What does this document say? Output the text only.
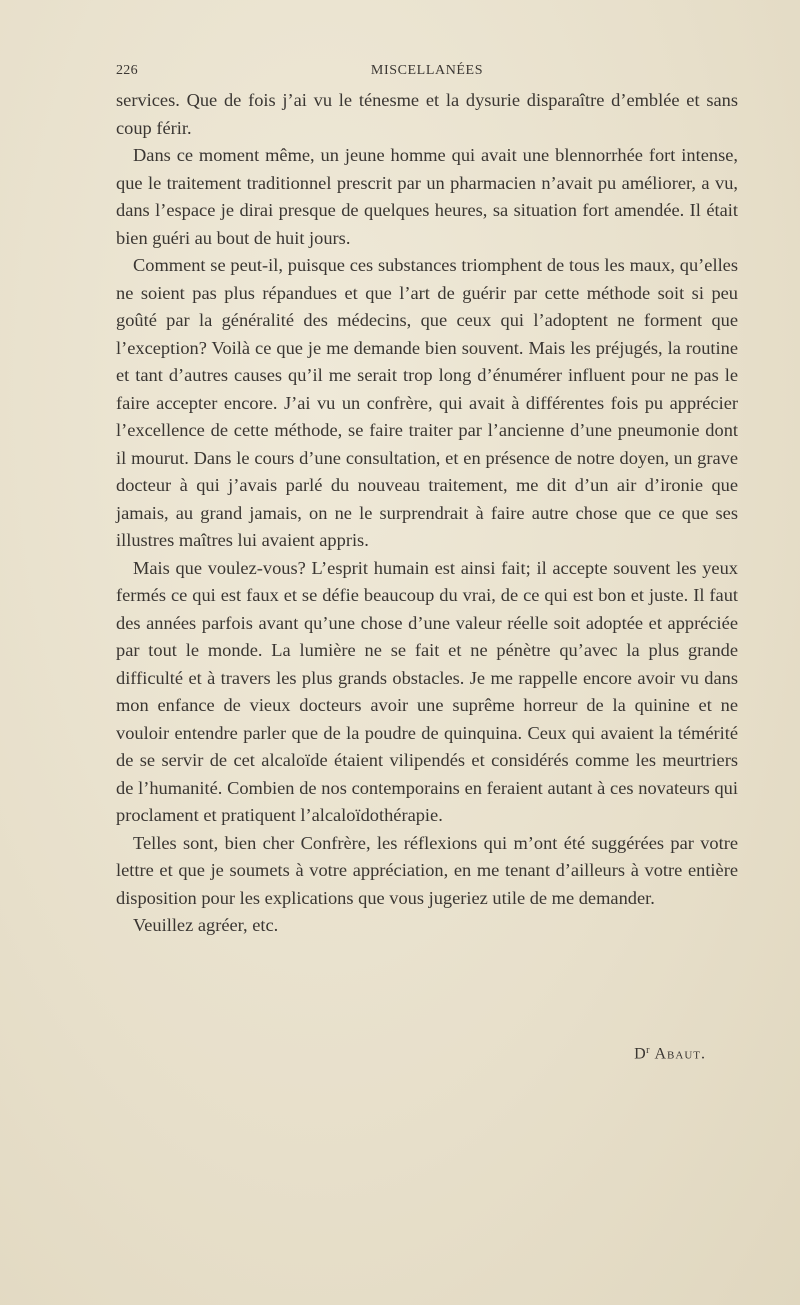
226	MISCELLANÉES

services. Que de fois j’ai vu le ténesme et la dysurie disparaître d’emblée et sans coup férir.

Dans ce moment même, un jeune homme qui avait une blennorrhée fort intense, que le traitement traditionnel prescrit par un pharmacien n’avait pu améliorer, a vu, dans l’espace je dirai presque de quelques heures, sa situation fort amendée. Il était bien guéri au bout de huit jours.

Comment se peut-il, puisque ces substances triomphent de tous les maux, qu’elles ne soient pas plus répandues et que l’art de guérir par cette méthode soit si peu goûté par la généralité des médecins, que ceux qui l’adoptent ne forment que l’exception? Voilà ce que je me demande bien souvent. Mais les préjugés, la routine et tant d’autres causes qu’il me serait trop long d’énumérer influent pour ne pas le faire accepter encore. J’ai vu un confrère, qui avait à différentes fois pu apprécier l’excellence de cette méthode, se faire traiter par l’ancienne d’une pneumonie dont il mourut. Dans le cours d’une consultation, et en présence de notre doyen, un grave docteur à qui j’avais parlé du nouveau traitement, me dit d’un air d’ironie que jamais, au grand jamais, on ne le surprendrait à faire autre chose que ce que ses illustres maîtres lui avaient appris.

Mais que voulez-vous? L’esprit humain est ainsi fait; il accepte souvent les yeux fermés ce qui est faux et se défie beaucoup du vrai, de ce qui est bon et juste. Il faut des années parfois avant qu’une chose d’une valeur réelle soit adoptée et appréciée par tout le monde. La lumière ne se fait et ne pénètre qu’avec la plus grande difficulté et à travers les plus grands obstacles. Je me rappelle encore avoir vu dans mon enfance de vieux docteurs avoir une suprême horreur de la quinine et ne vouloir entendre parler que de la poudre de quinquina. Ceux qui avaient la témérité de se servir de cet alcaloïde étaient vilipendés et considérés comme les meurtriers de l’humanité. Combien de nos contemporains en feraient autant à ces novateurs qui proclament et pratiquent l’alcaloïdothérapie.

Telles sont, bien cher Confrère, les réflexions qui m’ont été suggérées par votre lettre et que je soumets à votre appréciation, en me tenant d’ailleurs à votre entière disposition pour les explications que vous jugeriez utile de me demander.

Veuillez agréer, etc.

$D^r$ Abaut.
